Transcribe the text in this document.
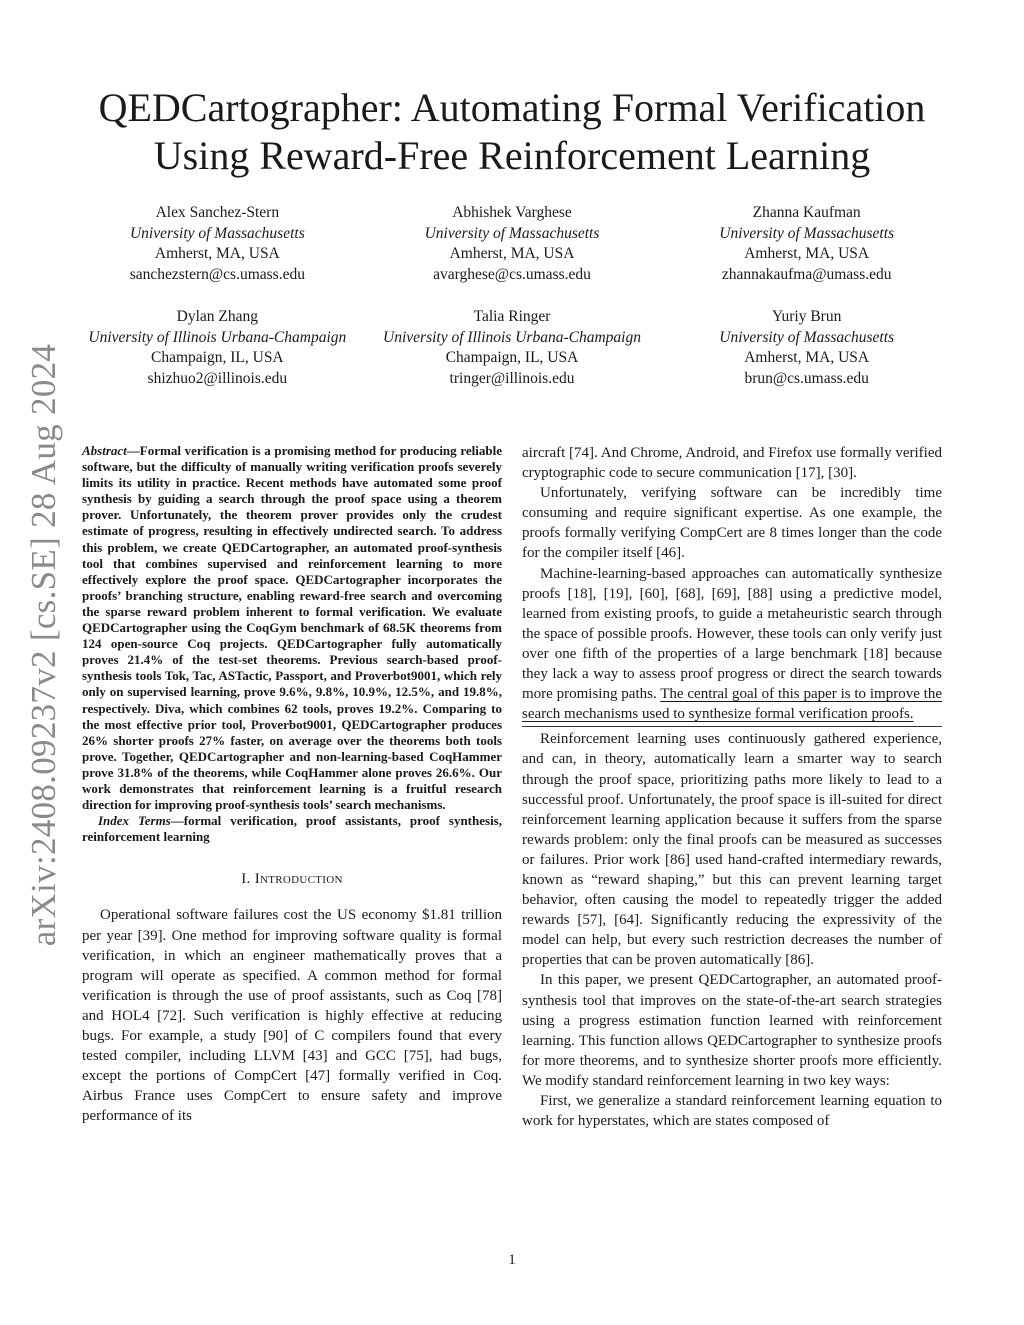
arXiv:2408.09237v2 [cs.SE] 28 Aug 2024
QEDCartographer: Automating Formal Verification
Using Reward-Free Reinforcement Learning
Alex Sanchez-Stern
University of Massachusetts
Amherst, MA, USA
sanchezstern@cs.umass.edu
Abhishek Varghese
University of Massachusetts
Amherst, MA, USA
avarghese@cs.umass.edu
Zhanna Kaufman
University of Massachusetts
Amherst, MA, USA
zhannakaufma@umass.edu
Dylan Zhang
University of Illinois Urbana-Champaign
Champaign, IL, USA
shizhuo2@illinois.edu
Talia Ringer
University of Illinois Urbana-Champaign
Champaign, IL, USA
tringer@illinois.edu
Yuriy Brun
University of Massachusetts
Amherst, MA, USA
brun@cs.umass.edu
Abstract—Formal verification is a promising method for producing reliable software, but the difficulty of manually writing verification proofs severely limits its utility in practice. Recent methods have automated some proof synthesis by guiding a search through the proof space using a theorem prover. Unfortunately, the theorem prover provides only the crudest estimate of progress, resulting in effectively undirected search. To address this problem, we create QEDCartographer, an automated proof-synthesis tool that combines supervised and reinforcement learning to more effectively explore the proof space. QEDCartographer incorporates the proofs’ branching structure, enabling reward-free search and overcoming the sparse reward problem inherent to formal verification. We evaluate QEDCartographer using the CoqGym benchmark of 68.5K theorems from 124 open-source Coq projects. QEDCartographer fully automatically proves 21.4% of the test-set theorems. Previous search-based proof-synthesis tools Tok, Tac, ASTactic, Passport, and Proverbot9001, which rely only on supervised learning, prove 9.6%, 9.8%, 10.9%, 12.5%, and 19.8%, respectively. Diva, which combines 62 tools, proves 19.2%. Comparing to the most effective prior tool, Proverbot9001, QEDCartographer produces 26% shorter proofs 27% faster, on average over the theorems both tools prove. Together, QEDCartographer and non-learning-based CoqHammer prove 31.8% of the theorems, while CoqHammer alone proves 26.6%. Our work demonstrates that reinforcement learning is a fruitful research direction for improving proof-synthesis tools’ search mechanisms.
Index Terms—formal verification, proof assistants, proof synthesis, reinforcement learning
I. Introduction

Operational software failures cost the US economy $1.81 trillion per year [39]. One method for improving software quality is formal verification, in which an engineer mathematically proves that a program will operate as specified. A common method for formal verification is through the use of proof assistants, such as Coq [78] and HOL4 [72]. Such verification is highly effective at reducing bugs. For example, a study [90] of C compilers found that every tested compiler, including LLVM [43] and GCC [75], had bugs, except the portions of CompCert [47] formally verified in Coq. Airbus France uses CompCert to ensure safety and improve performance of its

aircraft [74]. And Chrome, Android, and Firefox use formally verified cryptographic code to secure communication [17], [30].

Unfortunately, verifying software can be incredibly time consuming and require significant expertise. As one example, the proofs formally verifying CompCert are 8 times longer than the code for the compiler itself [46].

Machine-learning-based approaches can automatically synthesize proofs [18], [19], [60], [68], [69], [88] using a predictive model, learned from existing proofs, to guide a metaheuristic search through the space of possible proofs. However, these tools can only verify just over one fifth of the properties of a large benchmark [18] because they lack a way to assess proof progress or direct the search towards more promising paths. The central goal of this paper is to improve the search mechanisms used to synthesize formal verification proofs.

Reinforcement learning uses continuously gathered experience, and can, in theory, automatically learn a smarter way to search through the proof space, prioritizing paths more likely to lead to a successful proof. Unfortunately, the proof space is ill-suited for direct reinforcement learning application because it suffers from the sparse rewards problem: only the final proofs can be measured as successes or failures. Prior work [86] used hand-crafted intermediary rewards, known as “reward shaping,” but this can prevent learning target behavior, often causing the model to repeatedly trigger the added rewards [57], [64]. Significantly reducing the expressivity of the model can help, but every such restriction decreases the number of properties that can be proven automatically [86].

In this paper, we present QEDCartographer, an automated proof-synthesis tool that improves on the state-of-the-art search strategies using a progress estimation function learned with reinforcement learning. This function allows QEDCartographer to synthesize proofs for more theorems, and to synthesize shorter proofs more efficiently. We modify standard reinforcement learning in two key ways:

First, we generalize a standard reinforcement learning equation to work for hyperstates, which are states composed of

1
